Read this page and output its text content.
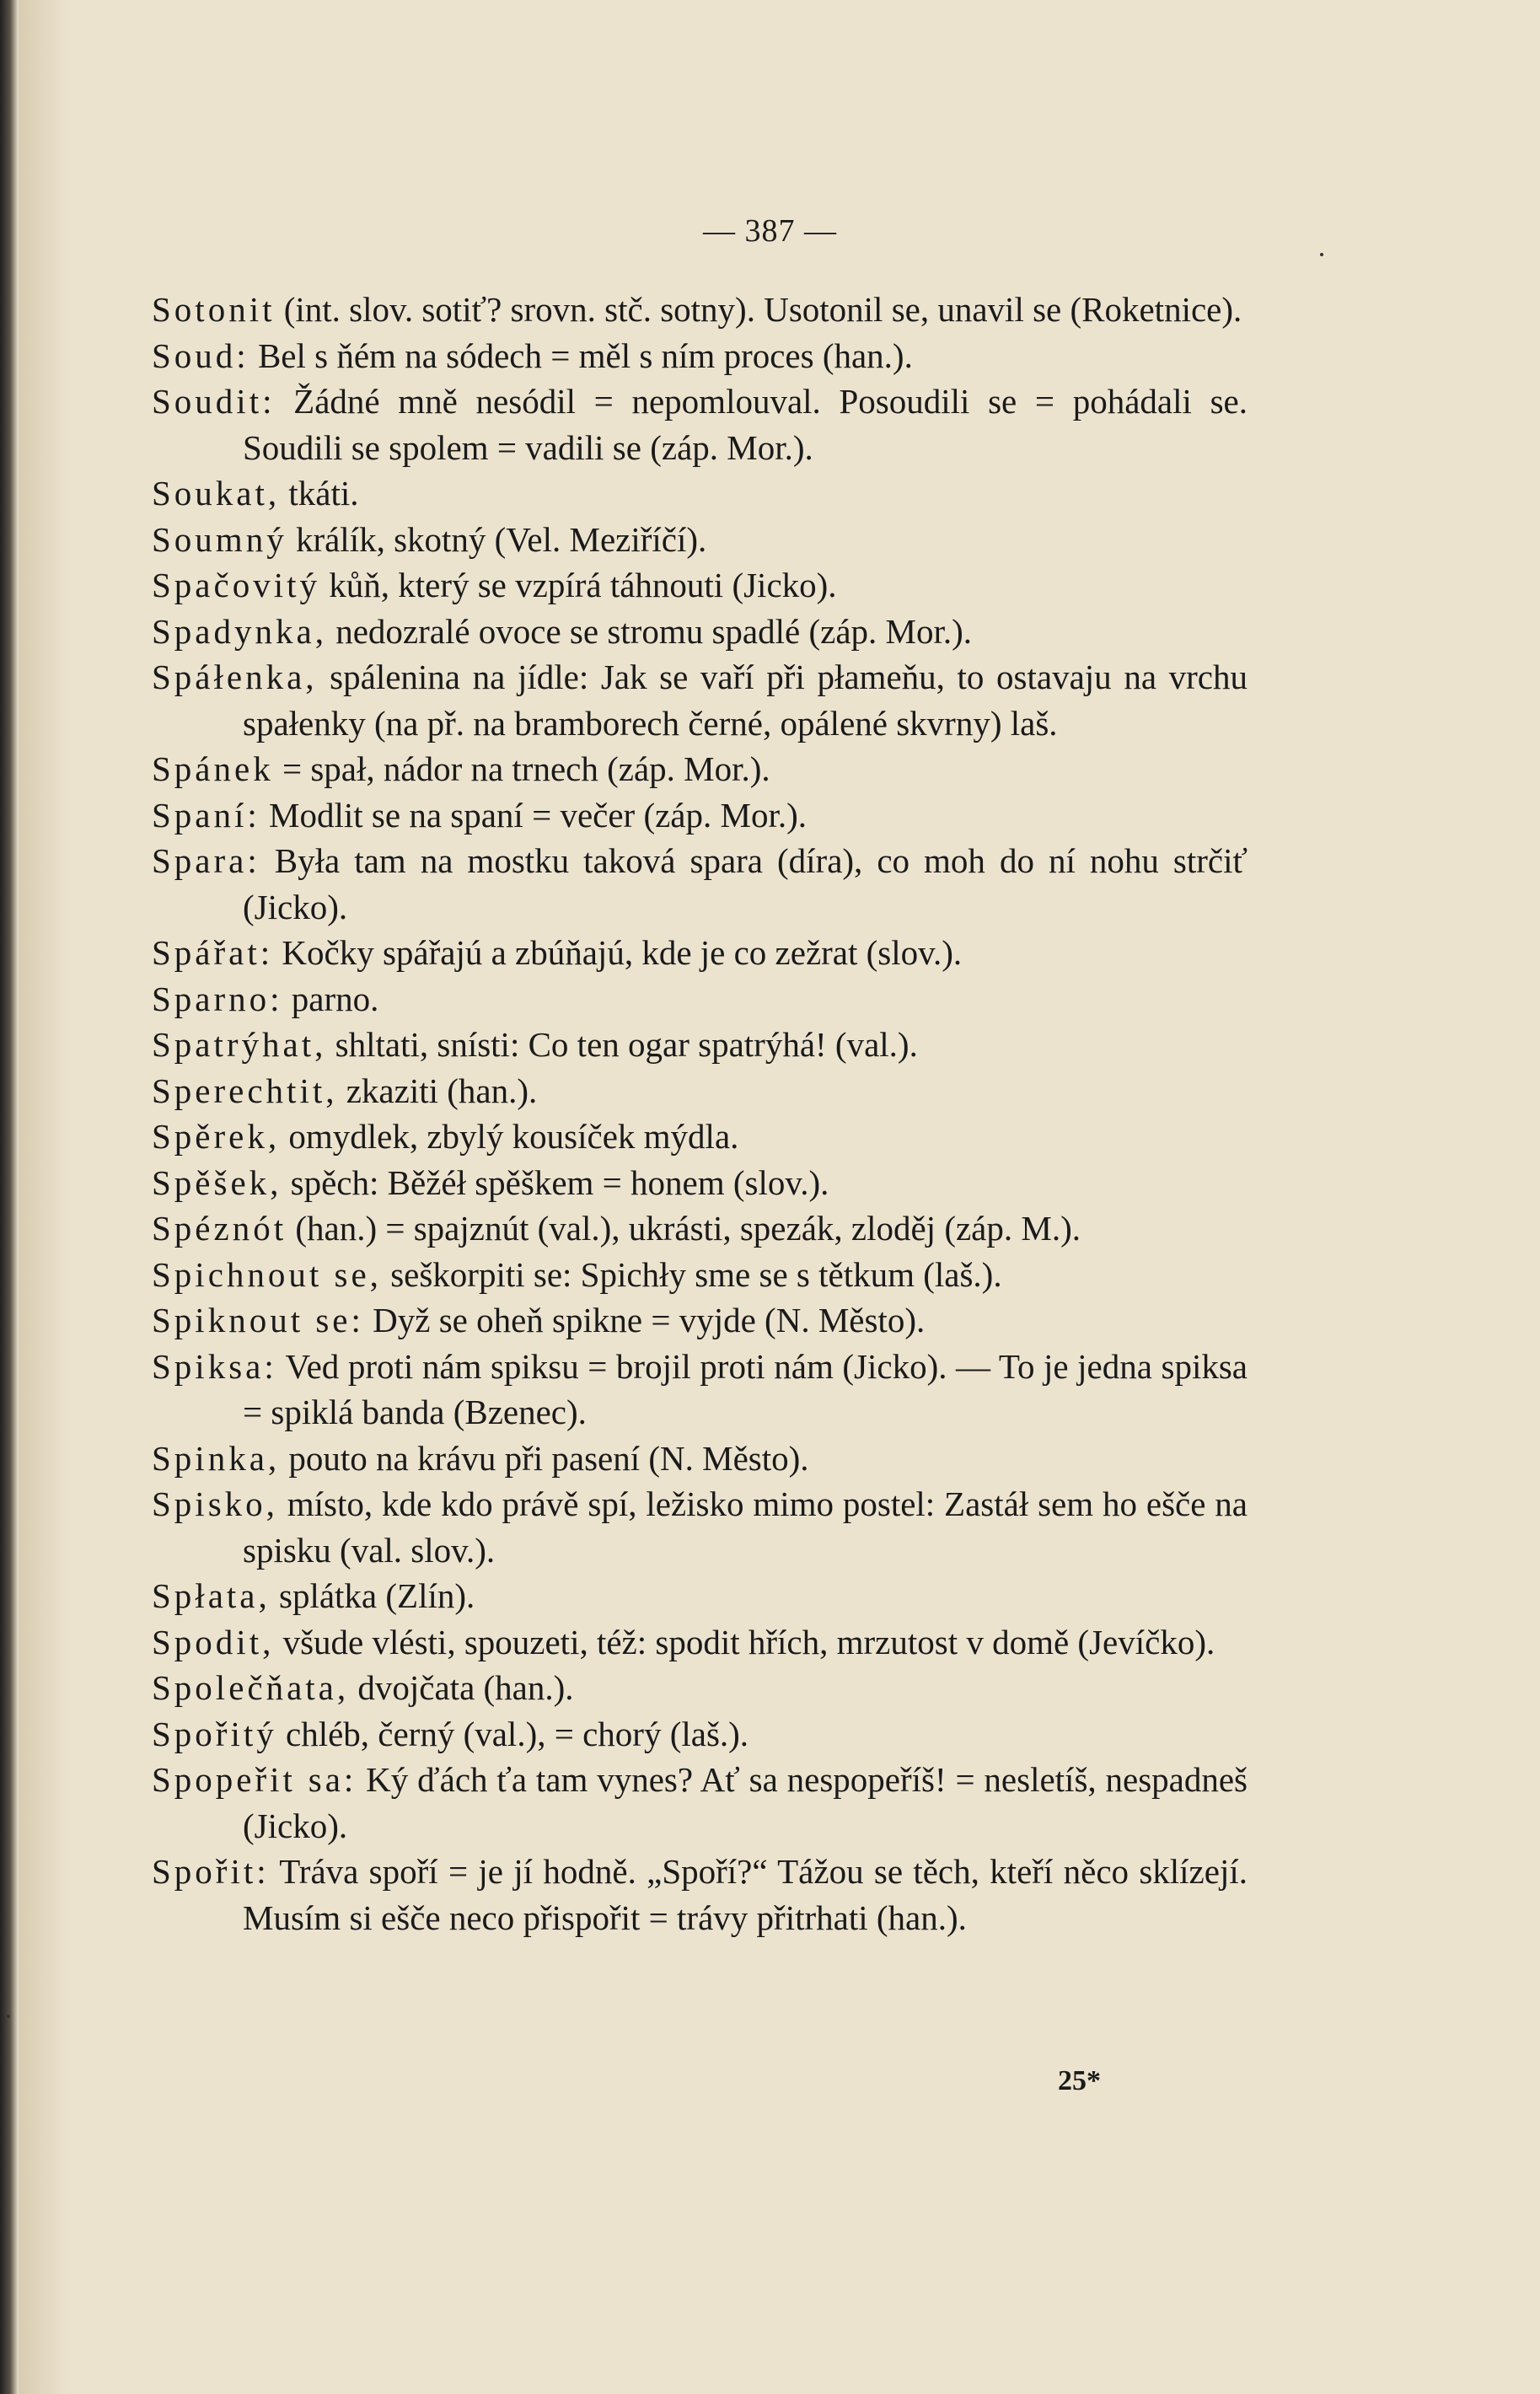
— 387 —
Sotonit (int. slov. sotiť? srovn. stč. sotny). Usotonil se, unavil se (Roketnice).
Soud: Bel s ňém na sódech = měl s ním proces (han.).
Soudit: Žádné mně nesódil = nepomlouval. Posoudili se = pohádali se. Soudili se spolem = vadili se (záp. Mor.).
Soukat, tkáti.
Soumný králík, skotný (Vel. Meziříčí).
Spačovitý kůň, který se vzpírá táhnouti (Jicko).
Spadynka, nedozralé ovoce se stromu spadlé (záp. Mor.).
Spáłenka, spálenina na jídle: Jak se vaří při płameňu, to ostavaju na vrchu spałenky (na př. na bramborech černé, opálené skvrny) laš.
Spánek = spał, nádor na trnech (záp. Mor.).
Spaní: Modlit se na spaní = večer (záp. Mor.).
Spara: Była tam na mostku taková spara (díra), co moh do ní nohu strčiť (Jicko).
Spářat: Kočky spářajú a zbúňajú, kde je co zežrat (slov.).
Sparno: parno.
Spatrýhat, shltati, snísti: Co ten ogar spatrýhá! (val.).
Sperechtit, zkaziti (han.).
Spěrek, omydlek, zbylý kousíček mýdla.
Spěšek, spěch: Běžéł spěškem = honem (slov.).
Spéznót (han.) = spajznút (val.), ukrásti, spezák, zloděj (záp. M.).
Spichnout se, seškorpiti se: Spichły sme se s tětkum (laš.).
Spiknout se: Dyž se oheň spikne = vyjde (N. Město).
Spiksa: Ved proti nám spiksu = brojil proti nám (Jicko). — To je jedna spiksa = spiklá banda (Bzenec).
Spinka, pouto na krávu při pasení (N. Město).
Spisko, místo, kde kdo právě spí, ležisko mimo postel: Zastáł sem ho ešče na spisku (val. slov.).
Spłata, splátka (Zlín).
Spodit, všude vlésti, spouzeti, též: spodit hřích, mrzutost v domě (Jevíčko).
Společňata, dvojčata (han.).
Spořitý chléb, černý (val.), = chorý (laš.).
Spopeřit sa: Ký ďách ťa tam vynes? Ať sa nespopeříš! = nesletíš, nespadneš (Jicko).
Spořit: Tráva spoří = je jí hodně. „Spoří?“ Tážou se těch, kteří něco sklízejí. Musím si ešče neco přispořit = trávy přitrhati (han.).
25*
